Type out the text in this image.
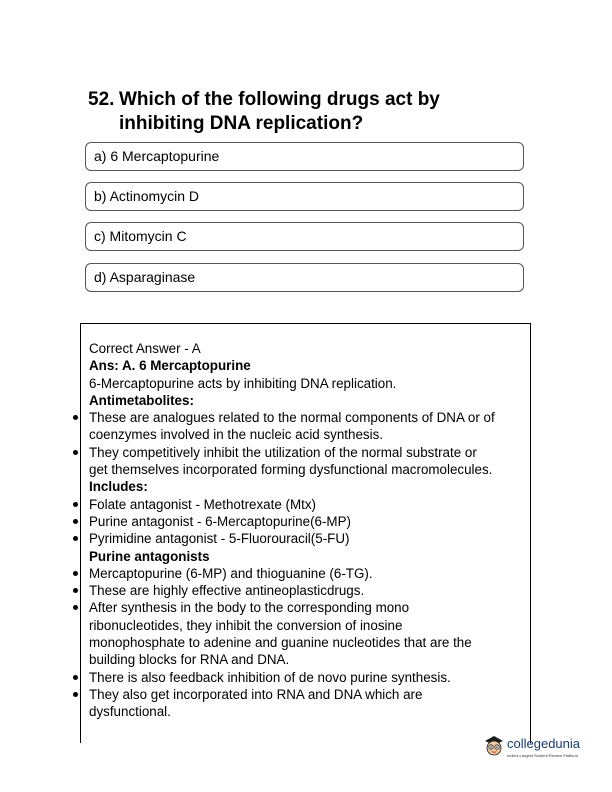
52. Which of the following drugs act by inhibiting DNA replication?
a) 6 Mercaptopurine
b) Actinomycin D
c) Mitomycin C
d) Asparaginase
Correct Answer - A
Ans: A. 6 Mercaptopurine
6-Mercaptopurine acts by inhibiting DNA replication.
Antimetabolites:
These are analogues related to the normal components of DNA or of
coenzymes involved in the nucleic acid synthesis.
They competitively inhibit the utilization of the normal substrate or
get themselves incorporated forming dysfunctional macromolecules.
Includes:
Folate antagonist - Methotrexate (Mtx)
Purine antagonist - 6-Mercaptopurine(6-MP)
Pyrimidine antagonist - 5-Fluorouracil(5-FU)
Purine antagonists
Mercaptopurine (6-MP) and thioguanine (6-TG).
These are highly effective antineoplasticdrugs.
After synthesis in the body to the corresponding mono
ribonucleotides, they inhibit the conversion of inosine
monophosphate to adenine and guanine nucleotides that are the
building blocks for RNA and DNA.
There is also feedback inhibition of de novo purine synthesis.
They also get incorporated into RNA and DNA which are
dysfunctional.
collegedunia
India's Largest Student Review Platform
